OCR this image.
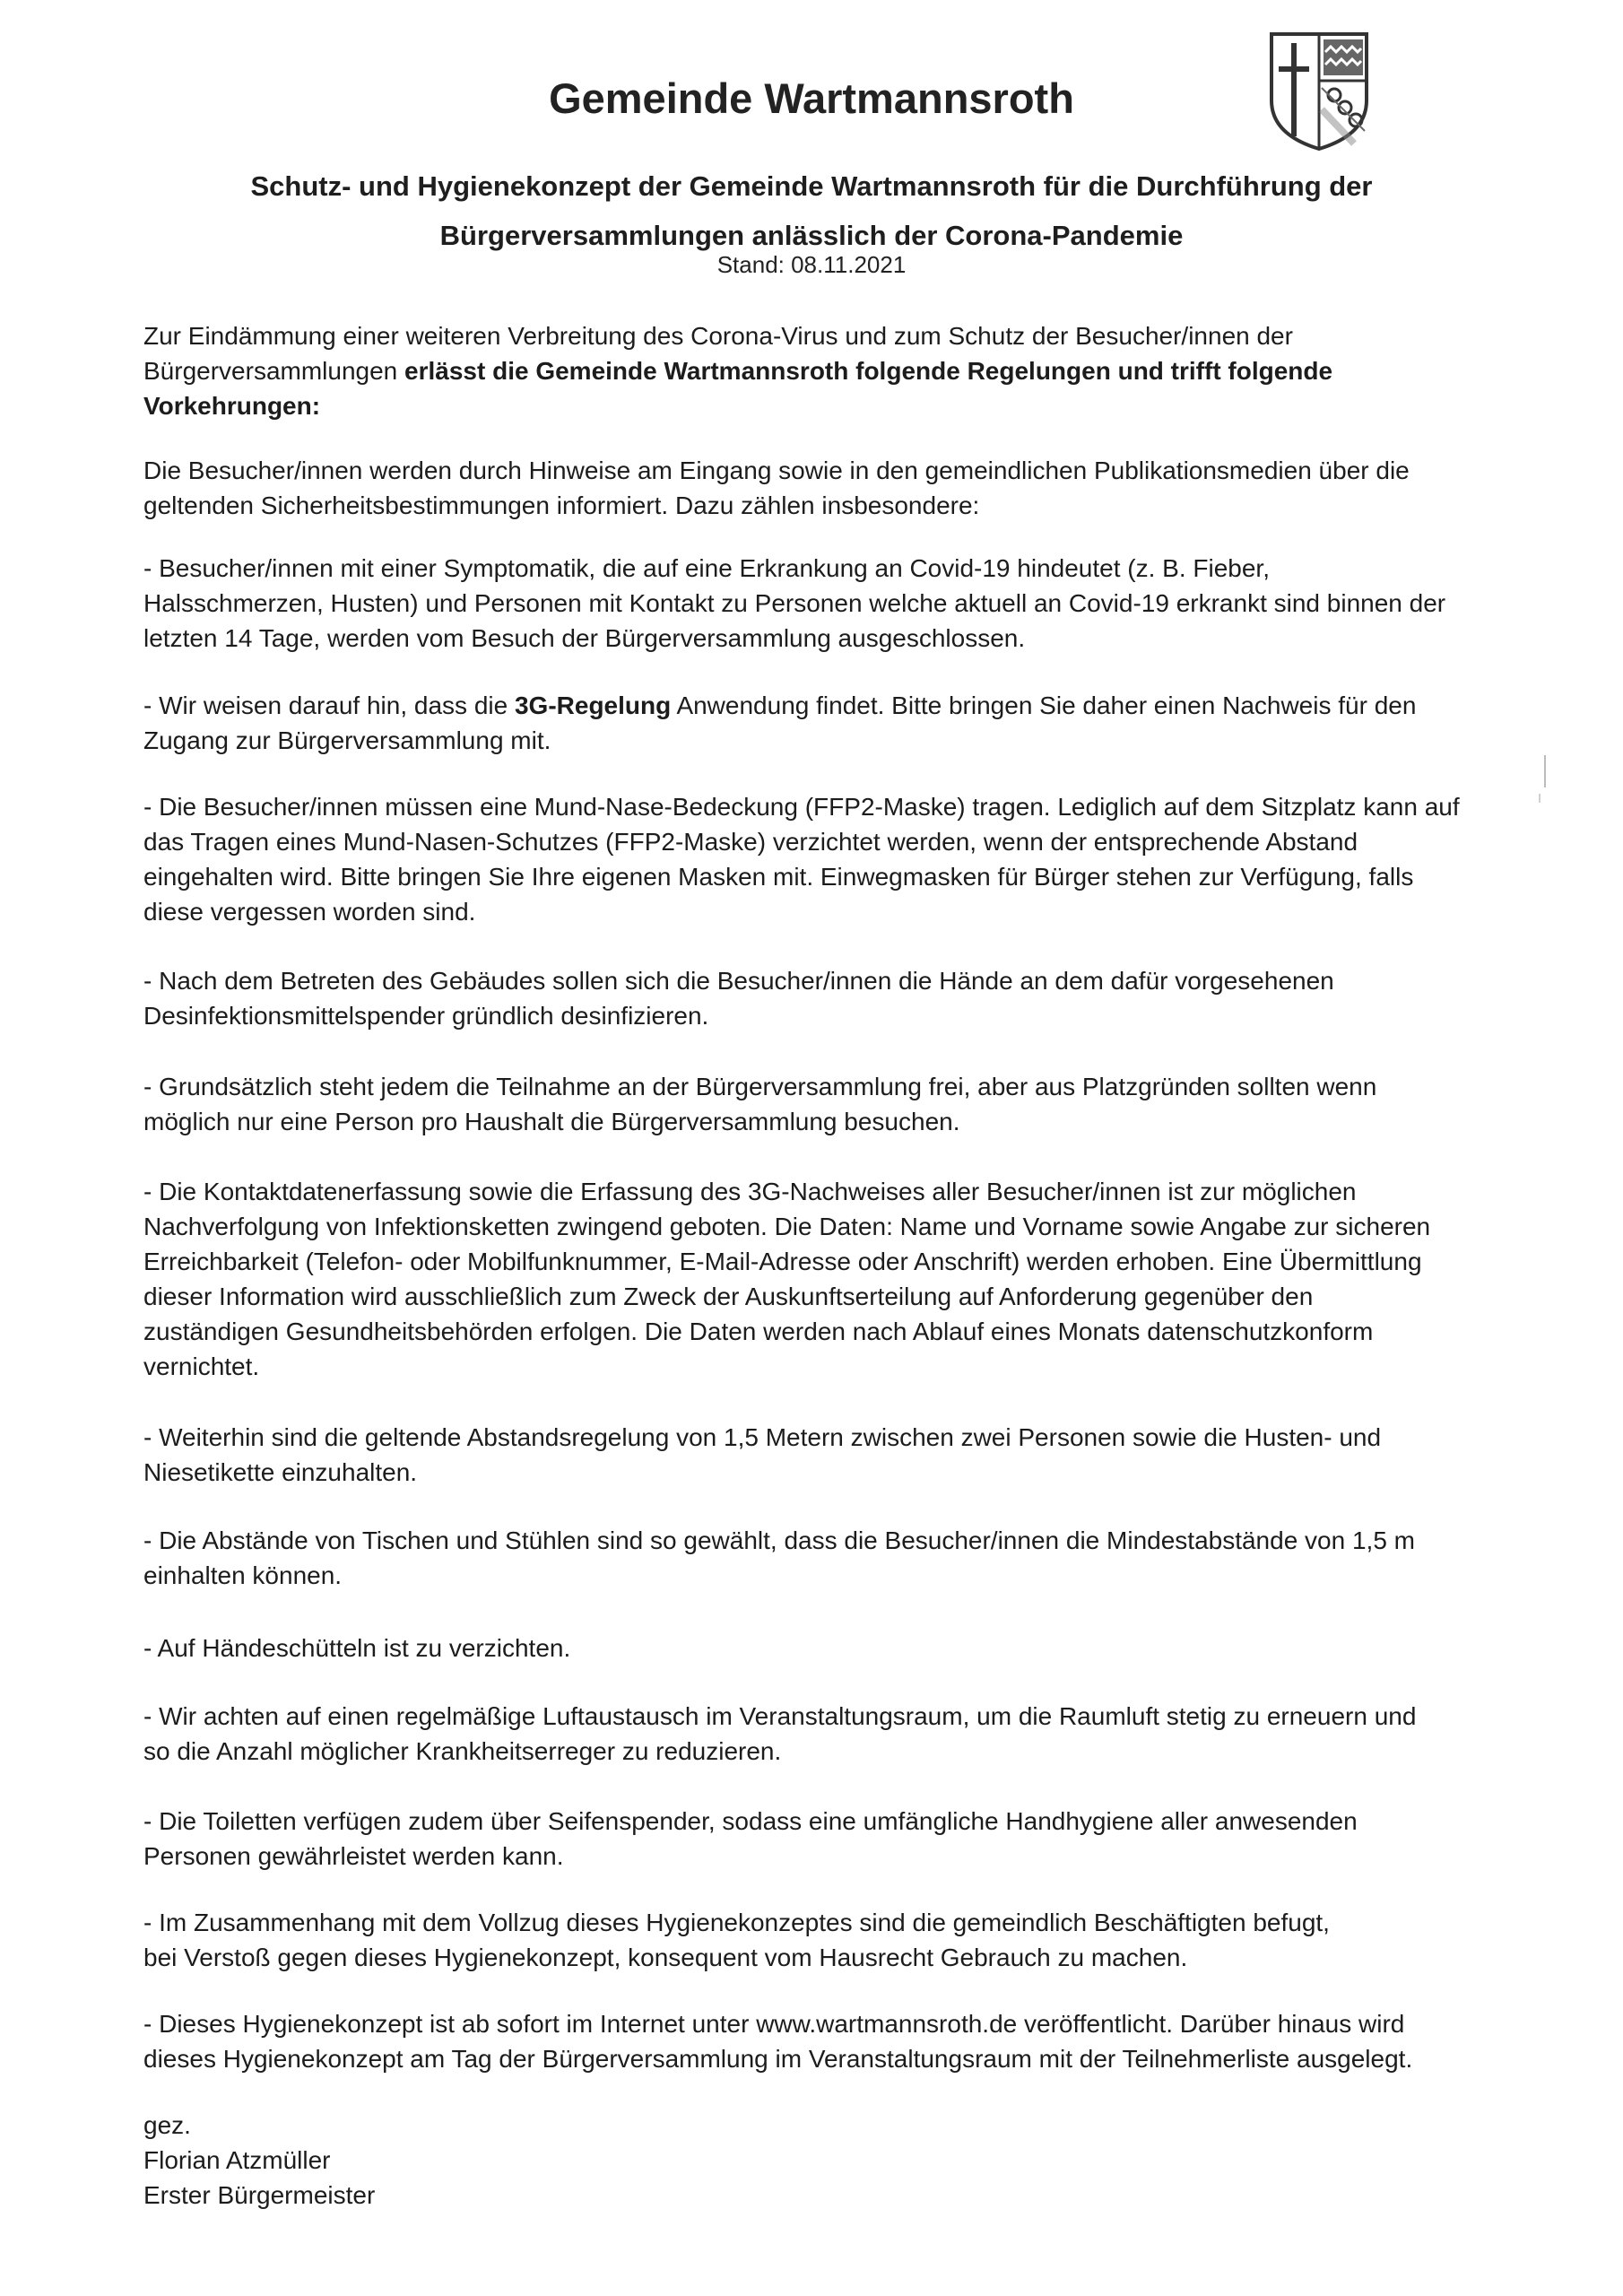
Gemeinde Wartmannsroth
Schutz- und Hygienekonzept der Gemeinde Wartmannsroth für die Durchführung der
Bürgerversammlungen anlässlich der Corona-Pandemie
Stand: 08.11.2021
Zur Eindämmung einer weiteren Verbreitung des Corona-Virus und zum Schutz der Besucher/innen der
Bürgerversammlungen erlässt die Gemeinde Wartmannsroth folgende Regelungen und trifft folgende
Vorkehrungen:
Die Besucher/innen werden durch Hinweise am Eingang sowie in den gemeindlichen Publikationsmedien über die
geltenden Sicherheitsbestimmungen informiert. Dazu zählen insbesondere:
- Besucher/innen mit einer Symptomatik, die auf eine Erkrankung an Covid-19 hindeutet (z. B. Fieber,
Halsschmerzen, Husten) und Personen mit Kontakt zu Personen welche aktuell an Covid-19 erkrankt sind binnen der
letzten 14 Tage, werden vom Besuch der Bürgerversammlung ausgeschlossen.
- Wir weisen darauf hin, dass die 3G-Regelung Anwendung findet. Bitte bringen Sie daher einen Nachweis für den
Zugang zur Bürgerversammlung mit.
- Die Besucher/innen müssen eine Mund-Nase-Bedeckung (FFP2-Maske) tragen. Lediglich auf dem Sitzplatz kann auf
das Tragen eines Mund-Nasen-Schutzes (FFP2-Maske) verzichtet werden, wenn der entsprechende Abstand
eingehalten wird. Bitte bringen Sie Ihre eigenen Masken mit. Einwegmasken für Bürger stehen zur Verfügung, falls
diese vergessen worden sind.
- Nach dem Betreten des Gebäudes sollen sich die Besucher/innen die Hände an dem dafür vorgesehenen
Desinfektionsmittelspender gründlich desinfizieren.
- Grundsätzlich steht jedem die Teilnahme an der Bürgerversammlung frei, aber aus Platzgründen sollten wenn
möglich nur eine Person pro Haushalt die Bürgerversammlung besuchen.
- Die Kontaktdatenerfassung sowie die Erfassung des 3G-Nachweises aller Besucher/innen ist zur möglichen
Nachverfolgung von Infektionsketten zwingend geboten. Die Daten: Name und Vorname sowie Angabe zur sicheren
Erreichbarkeit (Telefon- oder Mobilfunknummer, E-Mail-Adresse oder Anschrift) werden erhoben. Eine Übermittlung
dieser Information wird ausschließlich zum Zweck der Auskunftserteilung auf Anforderung gegenüber den
zuständigen Gesundheitsbehörden erfolgen. Die Daten werden nach Ablauf eines Monats datenschutzkonform
vernichtet.
- Weiterhin sind die geltende Abstandsregelung von 1,5 Metern zwischen zwei Personen sowie die Husten- und
Niesetikette einzuhalten.
- Die Abstände von Tischen und Stühlen sind so gewählt, dass die Besucher/innen die Mindestabstände von 1,5 m
einhalten können.
- Auf Händeschütteln ist zu verzichten.
- Wir achten auf einen regelmäßige Luftaustausch im Veranstaltungsraum, um die Raumluft stetig zu erneuern und
so die Anzahl möglicher Krankheitserreger zu reduzieren.
- Die Toiletten verfügen zudem über Seifenspender, sodass eine umfängliche Handhygiene aller anwesenden
Personen gewährleistet werden kann.
- Im Zusammenhang mit dem Vollzug dieses Hygienekonzeptes sind die gemeindlich Beschäftigten befugt,
bei Verstoß gegen dieses Hygienekonzept, konsequent vom Hausrecht Gebrauch zu machen.
- Dieses Hygienekonzept ist ab sofort im Internet unter www.wartmannsroth.de veröffentlicht. Darüber hinaus wird
dieses Hygienekonzept am Tag der Bürgerversammlung im Veranstaltungsraum mit der Teilnehmerliste ausgelegt.
gez.
Florian Atzmüller
Erster Bürgermeister
